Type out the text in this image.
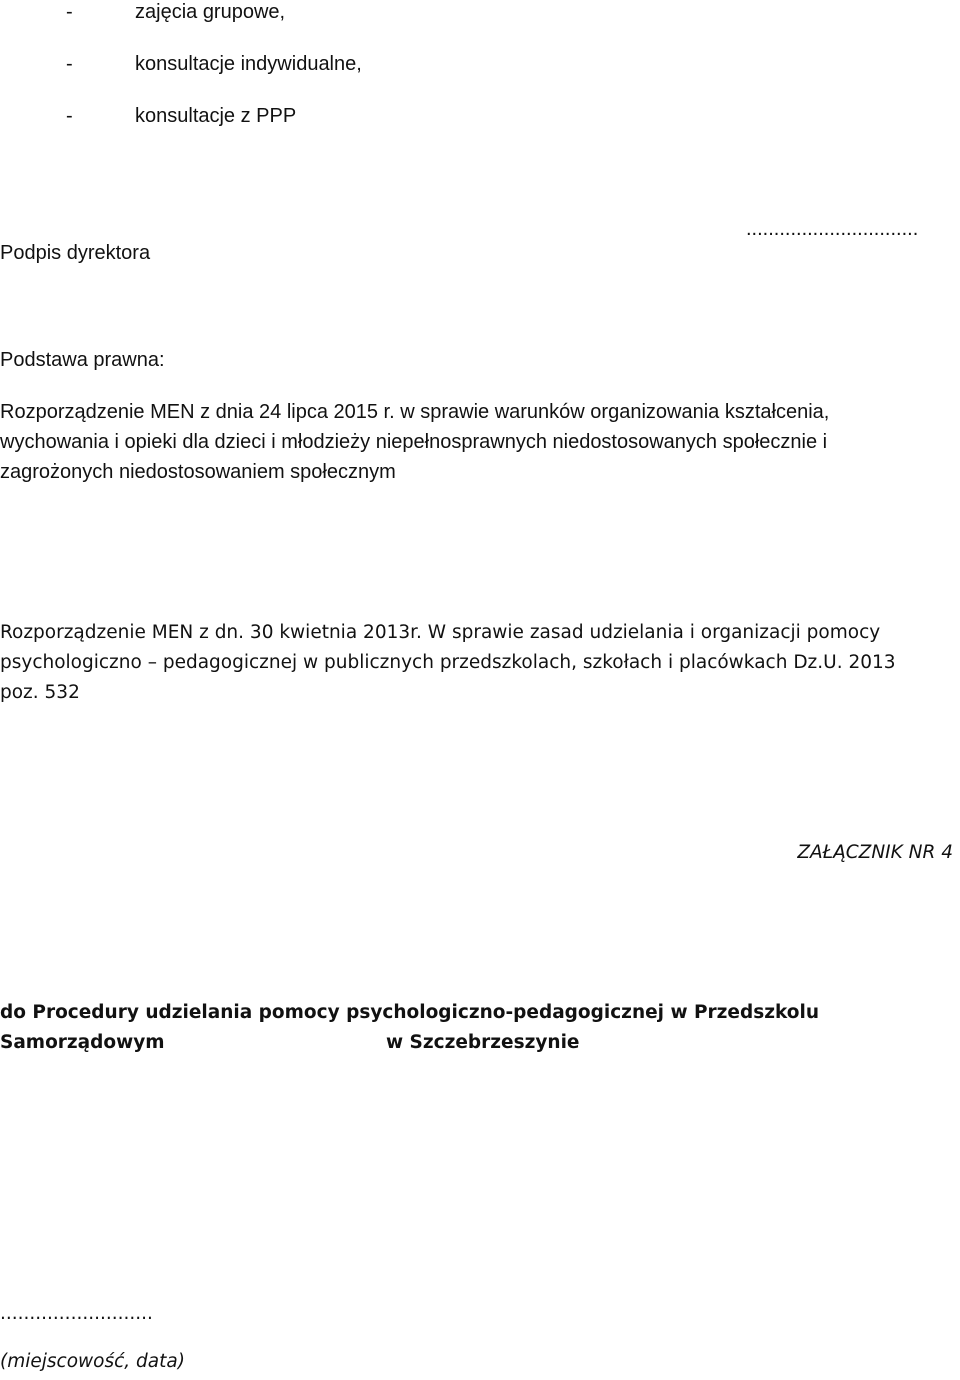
-	zajęcia grupowe,
-	konsultacje indywidualne,
-	konsultacje z PPP
...............................
Podpis dyrektora
Podstawa prawna:
Rozporządzenie MEN z dnia 24 lipca 2015 r. w sprawie warunków organizowania kształcenia,
wychowania i opieki dla dzieci i młodzieży niepełnosprawnych niedostosowanych społecznie i
zagrożonych niedostosowaniem społecznym
Rozporządzenie MEN z dn. 30 kwietnia 2013r. W sprawie zasad udzielania i organizacji pomocy
psychologiczno – pedagogicznej w publicznych przedszkolach, szkołach i placówkach Dz.U. 2013
poz. 532
ZAŁĄCZNIK NR 4
do Procedury udzielania pomocy psychologiczno-pedagogicznej w Przedszkolu
Samorządowym	w Szczebrzeszynie
..........................
(miejscowość, data)
